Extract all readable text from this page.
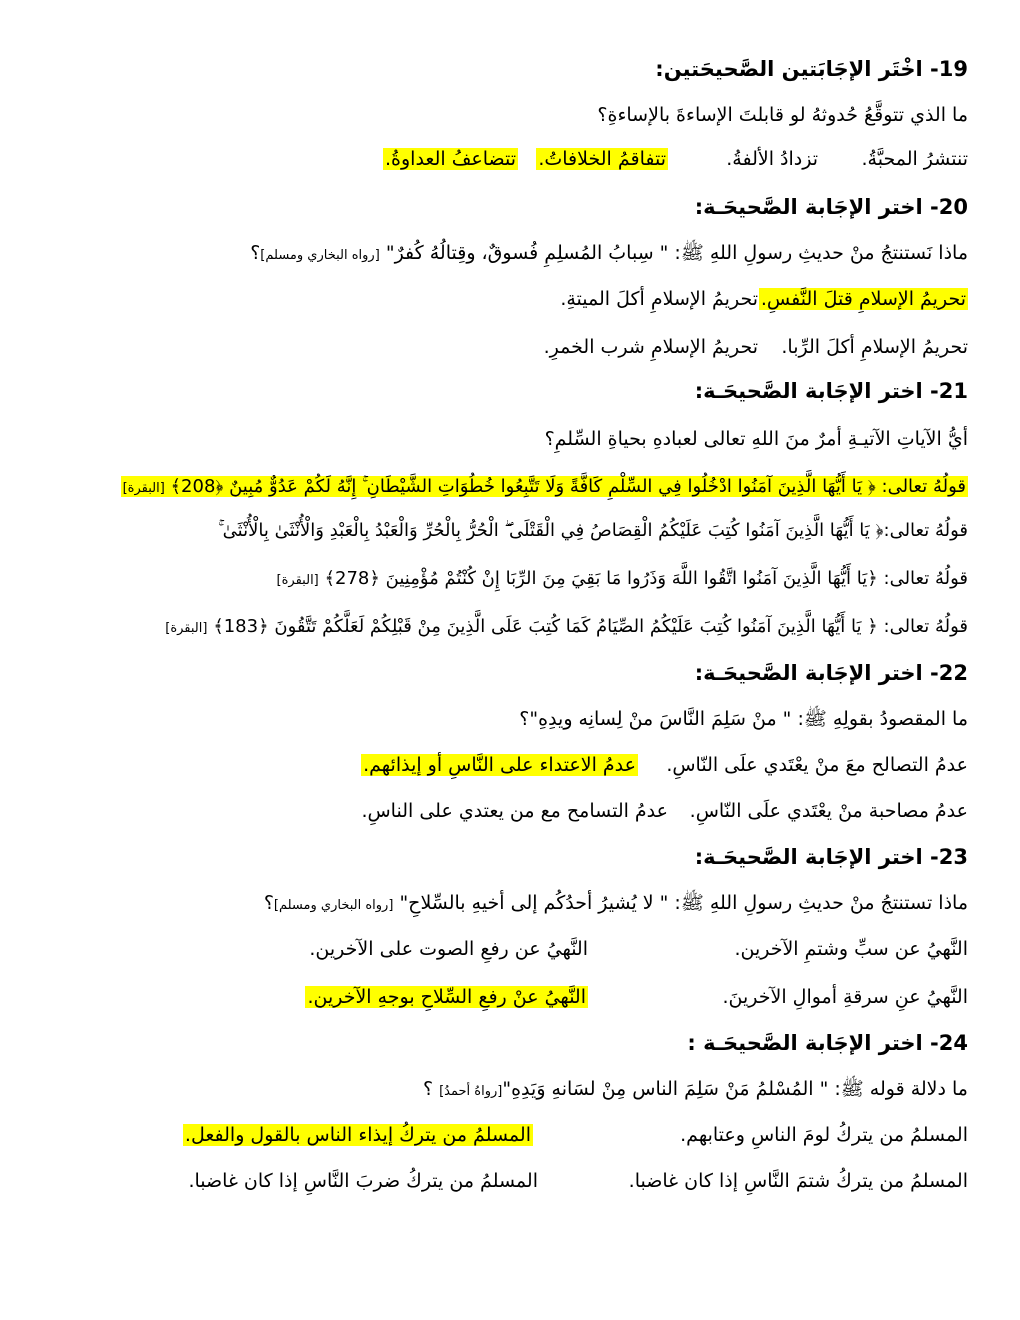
19- اخْتَر الإجَابَتين الصَّحيحَتين:
ما الذي تتوقَّعُ حُدوثهُ لو قابلتَ الإساءةَ بالإساءةِ؟
تنتشرُ المحبَّةُ.
تزدادُ الألفةُ.
تتفاقمُ الخلافاتُ.
تتضاعفُ العداوةُ.
20- اختر الإجَابة الصَّحيحَـة:
ماذا نَستنتجُ منْ حديثِ رسولِ اللهِ ﷺ: " سِبابُ المُسلِمِ فُسوقٌ، وقِتالُهُ كُفرٌ" [رواه البخاري ومسلم]؟
تحريمُ الإسلامِ قتلَ النَّفسِ.
تحريمُ الإسلامِ أكلَ الميتةِ.
تحريمُ الإسلامِ أكلَ الرِّبا.
تحريمُ الإسلامِ شرب الخمرِ.
21- اختر الإجَابة الصَّحيحَـة:
أيُّ الآياتِ الآتيـةِ أمرٌ منَ اللهِ تعالى لعبادهِ بحياةِ السِّلمِ؟
قولُهُ تعالى: ﴿ يَا أَيُّهَا الَّذِينَ آمَنُوا ادْخُلُوا فِي السِّلْمِ كَافَّةً وَلَا تَتَّبِعُوا خُطُوَاتِ الشَّيْطَانِ ۚ إِنَّهُ لَكُمْ عَدُوٌّ مُبِينٌ ﴿208﴾ [البقرة]
قولُهُ تعالى:﴿ يَا أَيُّهَا الَّذِينَ آمَنُوا كُتِبَ عَلَيْكُمُ الْقِصَاصُ فِي الْقَتْلَى ۖ الْحُرُّ بِالْحُرِّ وَالْعَبْدُ بِالْعَبْدِ وَالْأُنْثَىٰ بِالْأُنْثَىٰ ۚ
قولُهُ تعالى: ﴿يَا أَيُّهَا الَّذِينَ آمَنُوا اتَّقُوا اللَّهَ وَذَرُوا مَا بَقِيَ مِنَ الرِّبَا إِنْ كُنْتُمْ مُؤْمِنِينَ ﴿278﴾ [البقرة]
قولُهُ تعالى: ﴿ يَا أَيُّهَا الَّذِينَ آمَنُوا كُتِبَ عَلَيْكُمُ الصِّيَامُ كَمَا كُتِبَ عَلَى الَّذِينَ مِنْ قَبْلِكُمْ لَعَلَّكُمْ تَتَّقُونَ ﴿183﴾ [البقرة]
22- اختر الإجَابة الصَّحيحَـة:
ما المقصودُ بقولِهِ ﷺ: " منْ سَلِمَ النَّاسَ منْ لِسانِه ويدِهِ"؟
عدمُ التصالح معَ منْ يعْتَدي علَى النّاسِ.
عدمُ الاعتداء على النَّاسِ أو إيذائهم.
عدمُ مصاحبة منْ يعْتَدي علَى النّاسِ.
عدمُ التسامح مع من يعتدي على الناسِ.
23- اختر الإجَابة الصَّحيحَـة:
ماذا تستنتجُ منْ حديثِ رسولِ اللهِ ﷺ: " لا يُشيرُ أحدُكُم إلى أخيهِ بالسِّلاحِ" [رواه البخاري ومسلم]؟
النَّهيُ عن سبِّ وشتمِ الآخرين.
النَّهيُ عن رفعِ الصوت على الآخرين.
النَّهيُ عنِ سرقةِ أموالِ الآخرينَ.
النَّهيُ عنْ رفعِ السِّلاحِ بوجهِ الآخرين.
24- اختر الإجَابة الصَّحيحَـة :
ما دلالة قوله ﷺ: " المُسْلمُ مَنْ سَلِمَ الناس مِنْ لسَانهِ وَيَدِهِ"[رواهُ أحمدُ] ؟
المسلمُ من يتركُ لومَ الناسِ وعتابهم.
المسلمُ من يتركُ إيذاء الناس بالقول والفعل.
المسلمُ من يتركُ شتمَ النَّاسِ إذا كان غاضبا.
المسلمُ من يتركُ ضربَ النَّاسِ إذا كان غاضبا.
